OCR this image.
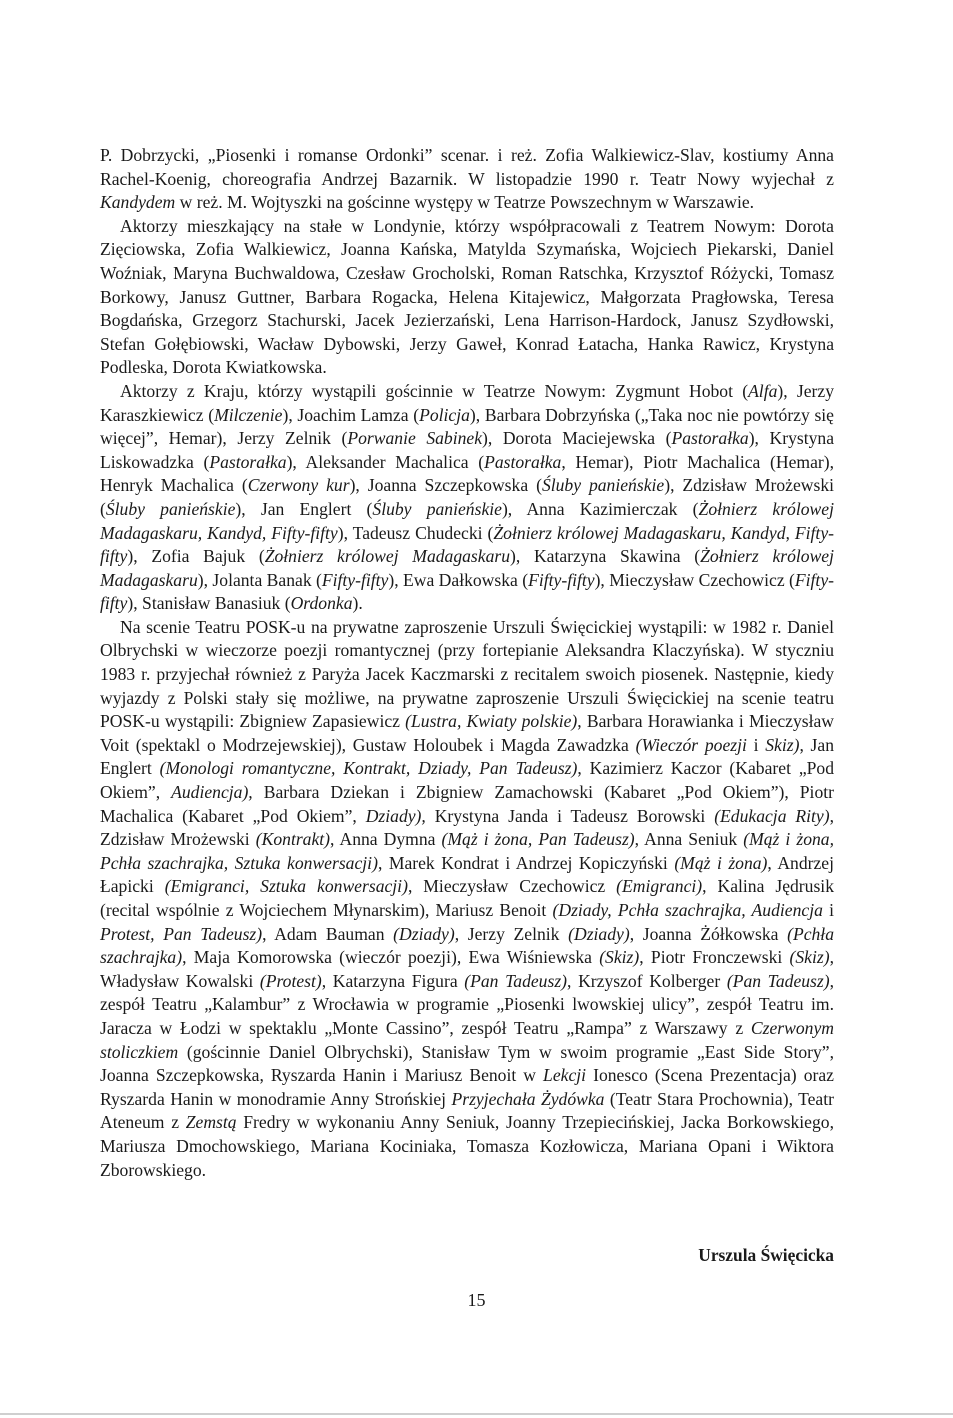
P. Dobrzycki, „Piosenki i romanse Ordonki” scenar. i reż. Zofia Walkiewicz-Slav, kostiumy Anna Rachel-Koenig, choreografia Andrzej Bazarnik. W listopadzie 1990 r. Teatr Nowy wyjechał z Kandydem w reż. M. Wojtyszki na gościnne występy w Teatrze Powszechnym w Warszawie.

Aktorzy mieszkający na stałe w Londynie, którzy współpracowali z Teatrem Nowym: Dorota Zięciowska, Zofia Walkiewicz, Joanna Kańska, Matylda Szymańska, Wojciech Piekarski, Daniel Woźniak, Maryna Buchwaldowa, Czesław Grocholski, Roman Ratschka, Krzysztof Różycki, Tomasz Borkowy, Janusz Guttner, Barbara Rogacka, Helena Kitajewicz, Małgorzata Pragłowska, Teresa Bogdańska, Grzegorz Stachurski, Jacek Jezierzański, Lena Harrison-Hardock, Janusz Szydłowski, Stefan Gołębiowski, Wacław Dybowski, Jerzy Gaweł, Konrad Łatacha, Hanka Rawicz, Krystyna Podleska, Dorota Kwiatkowska.

Aktorzy z Kraju, którzy wystąpili gościnnie w Teatrze Nowym: Zygmunt Hobot (Alfa), Jerzy Karaszkiewicz (Milczenie), Joachim Lamza (Policja), Barbara Dobrzyńska („Taka noc nie powtórzy się więcej”, Hemar), Jerzy Zelnik (Porwanie Sabinek), Dorota Maciejewska (Pastorałka), Krystyna Liskowadzka (Pastorałka), Aleksander Machalica (Pastorałka, Hemar), Piotr Machalica (Hemar), Henryk Machalica (Czerwony kur), Joanna Szczepkowska (Śluby panieńskie), Zdzisław Mrożewski (Śluby panieńskie), Jan Englert (Śluby panieńskie), Anna Kazimierczak (Żołnierz królowej Madagaskaru, Kandyd, Fifty-fifty), Tadeusz Chudecki (Żołnierz królowej Madagaskaru, Kandyd, Fifty-fifty), Zofia Bajuk (Żołnierz królowej Madagaskaru), Katarzyna Skawina (Żołnierz królowej Madagaskaru), Jolanta Banak (Fifty-fifty), Ewa Dałkowska (Fifty-fifty), Mieczysław Czechowicz (Fifty-fifty), Stanisław Banasiuk (Ordonka).

Na scenie Teatru POSK-u na prywatne zaproszenie Urszuli Święcickiej wystąpili: w 1982 r. Daniel Olbrychski w wieczorze poezji romantycznej (przy fortepianie Aleksandra Klaczyńska). W styczniu 1983 r. przyjechał również z Paryża Jacek Kaczmarski z recitalem swoich piosenek. Następnie, kiedy wyjazdy z Polski stały się możliwe, na prywatne zaproszenie Urszuli Święcickiej na scenie teatru POSK-u wystąpili: Zbigniew Zapasiewicz (Lustra, Kwiaty polskie), Barbara Horawianka i Mieczysław Voit (spektakl o Modrzejewskiej), Gustaw Holoubek i Magda Zawadzka (Wieczór poezji i Skiz), Jan Englert (Monologi romantyczne, Kontrakt, Dziady, Pan Tadeusz), Kazimierz Kaczor (Kabaret „Pod Okiem”, Audiencja), Barbara Dziekan i Zbigniew Zamachowski (Kabaret „Pod Okiem”), Piotr Machalica (Kabaret „Pod Okiem”, Dziady), Krystyna Janda i Tadeusz Borowski (Edukacja Rity), Zdzisław Mrożewski (Kontrakt), Anna Dymna (Mąż i żona, Pan Tadeusz), Anna Seniuk (Mąż i żona, Pchła szachrajka, Sztuka konwersacji), Marek Kondrat i Andrzej Kopiczyński (Mąż i żona), Andrzej Łapicki (Emigranci, Sztuka konwersacji), Mieczysław Czechowicz (Emigranci), Kalina Jędrusik (recital wspólnie z Wojciechem Młynarskim), Mariusz Benoit (Dziady, Pchła szachrajka, Audiencja i Protest, Pan Tadeusz), Adam Bauman (Dziady), Jerzy Zelnik (Dziady), Joanna Żółkowska (Pchła szachrajka), Maja Komorowska (wieczór poezji), Ewa Wiśniewska (Skiz), Piotr Fronczewski (Skiz), Władysław Kowalski (Protest), Katarzyna Figura (Pan Tadeusz), Krzyszof Kolberger (Pan Tadeusz), zespół Teatru „Kalambur” z Wrocławia w programie „Piosenki lwowskiej ulicy”, zespół Teatru im. Jaracza w Łodzi w spektaklu „Monte Cassino”, zespół Teatru „Rampa” z Warszawy z Czerwonym stoliczkiem (gościnnie Daniel Olbrychski), Stanisław Tym w swoim programie „East Side Story”, Joanna Szczepkowska, Ryszarda Hanin i Mariusz Benoit w Lekcji Ionesco (Scena Prezentacja) oraz Ryszarda Hanin w monodramie Anny Strońskiej Przyjechała Żydówka (Teatr Stara Prochownia), Teatr Ateneum z Zemstą Fredry w wykonaniu Anny Seniuk, Joanny Trzepiecińskiej, Jacka Borkowskiego, Mariusza Dmochowskiego, Mariana Kociniaka, Tomasza Kozłowicza, Mariana Opani i Wiktora Zborowskiego.

Urszula Święcicka
15
